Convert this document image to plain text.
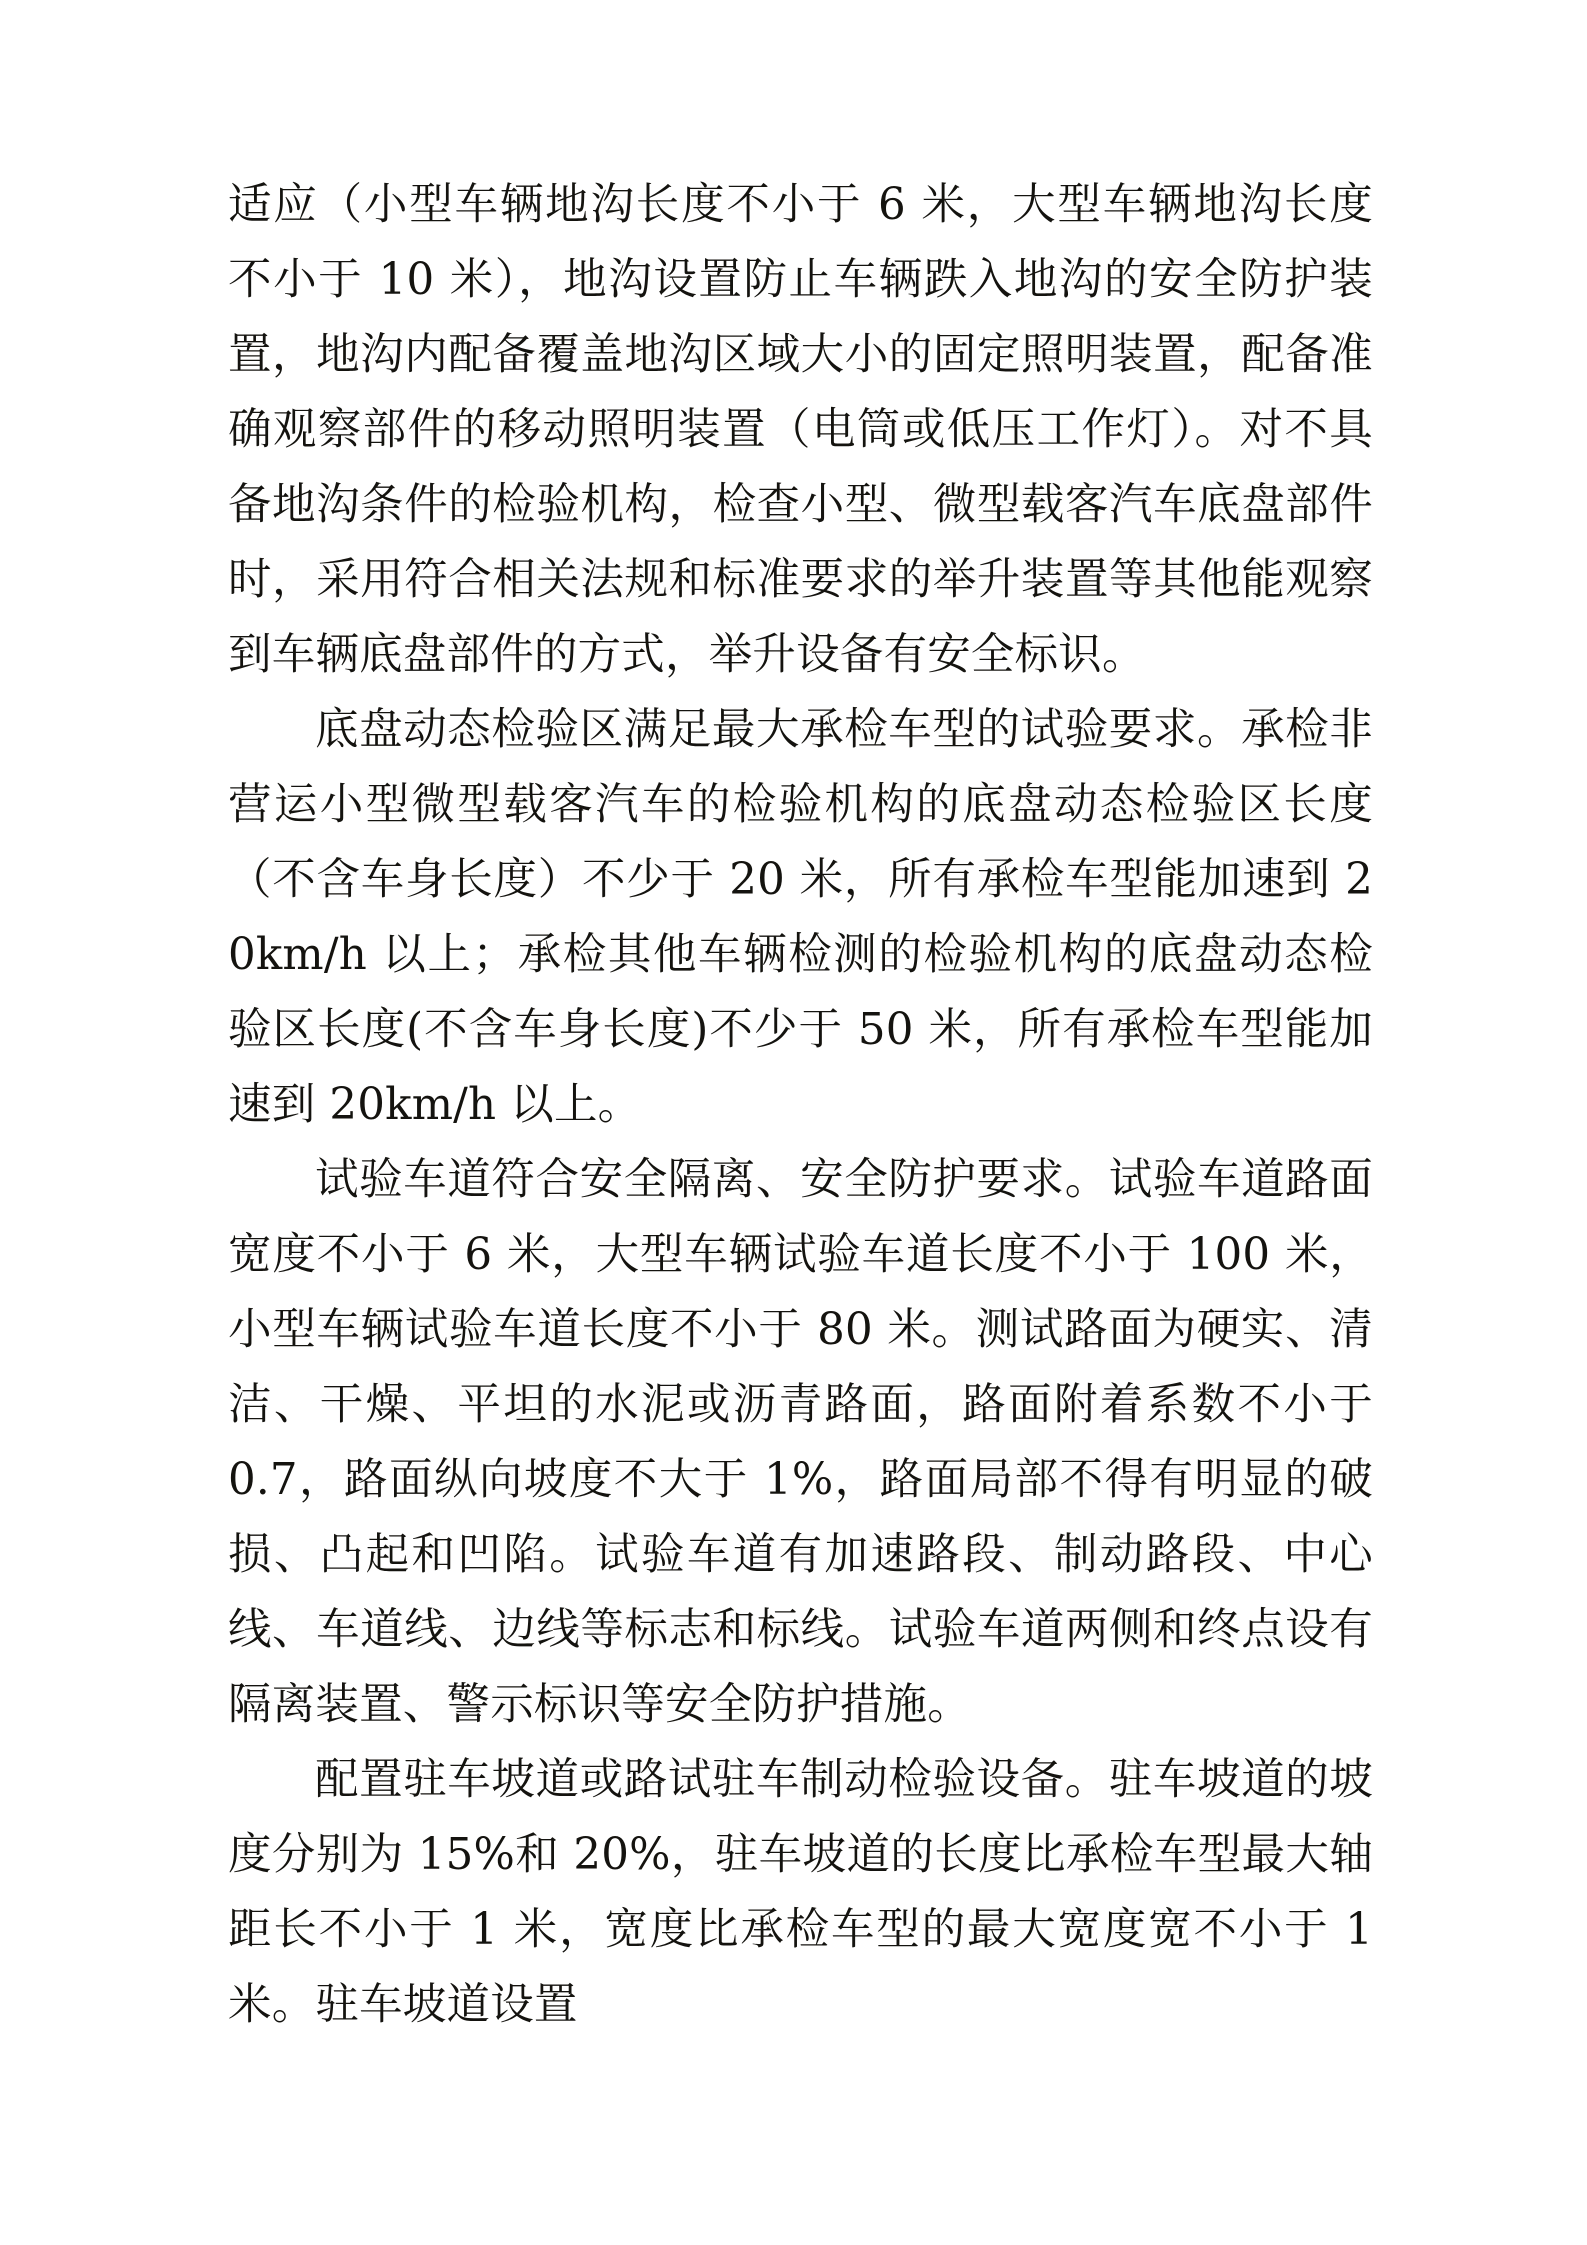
适应（小型车辆地沟长度不小于 6 米，大型车辆地沟长度不小于 10 米），地沟设置防止车辆跌入地沟的安全防护装置，地沟内配备覆盖地沟区域大小的固定照明装置，配备准确观察部件的移动照明装置（电筒或低压工作灯）。对不具备地沟条件的检验机构，检查小型、微型载客汽车底盘部件时，采用符合相关法规和标准要求的举升装置等其他能观察到车辆底盘部件的方式，举升设备有安全标识。

底盘动态检验区满足最大承检车型的试验要求。承检非营运小型微型载客汽车的检验机构的底盘动态检验区长度（不含车身长度）不少于 20 米，所有承检车型能加速到 20km/h 以上；承检其他车辆检测的检验机构的底盘动态检验区长度(不含车身长度)不少于 50 米，所有承检车型能加速到 20km/h 以上。

试验车道符合安全隔离、安全防护要求。试验车道路面宽度不小于 6 米，大型车辆试验车道长度不小于 100 米，小型车辆试验车道长度不小于 80 米。测试路面为硬实、清洁、干燥、平坦的水泥或沥青路面，路面附着系数不小于 0.7，路面纵向坡度不大于 1%，路面局部不得有明显的破损、凸起和凹陷。试验车道有加速路段、制动路段、中心线、车道线、边线等标志和标线。试验车道两侧和终点设有隔离装置、警示标识等安全防护措施。

配置驻车坡道或路试驻车制动检验设备。驻车坡道的坡度分别为 15%和 20%，驻车坡道的长度比承检车型最大轴距长不小于 1 米，宽度比承检车型的最大宽度宽不小于 1 米。驻车坡道设置
